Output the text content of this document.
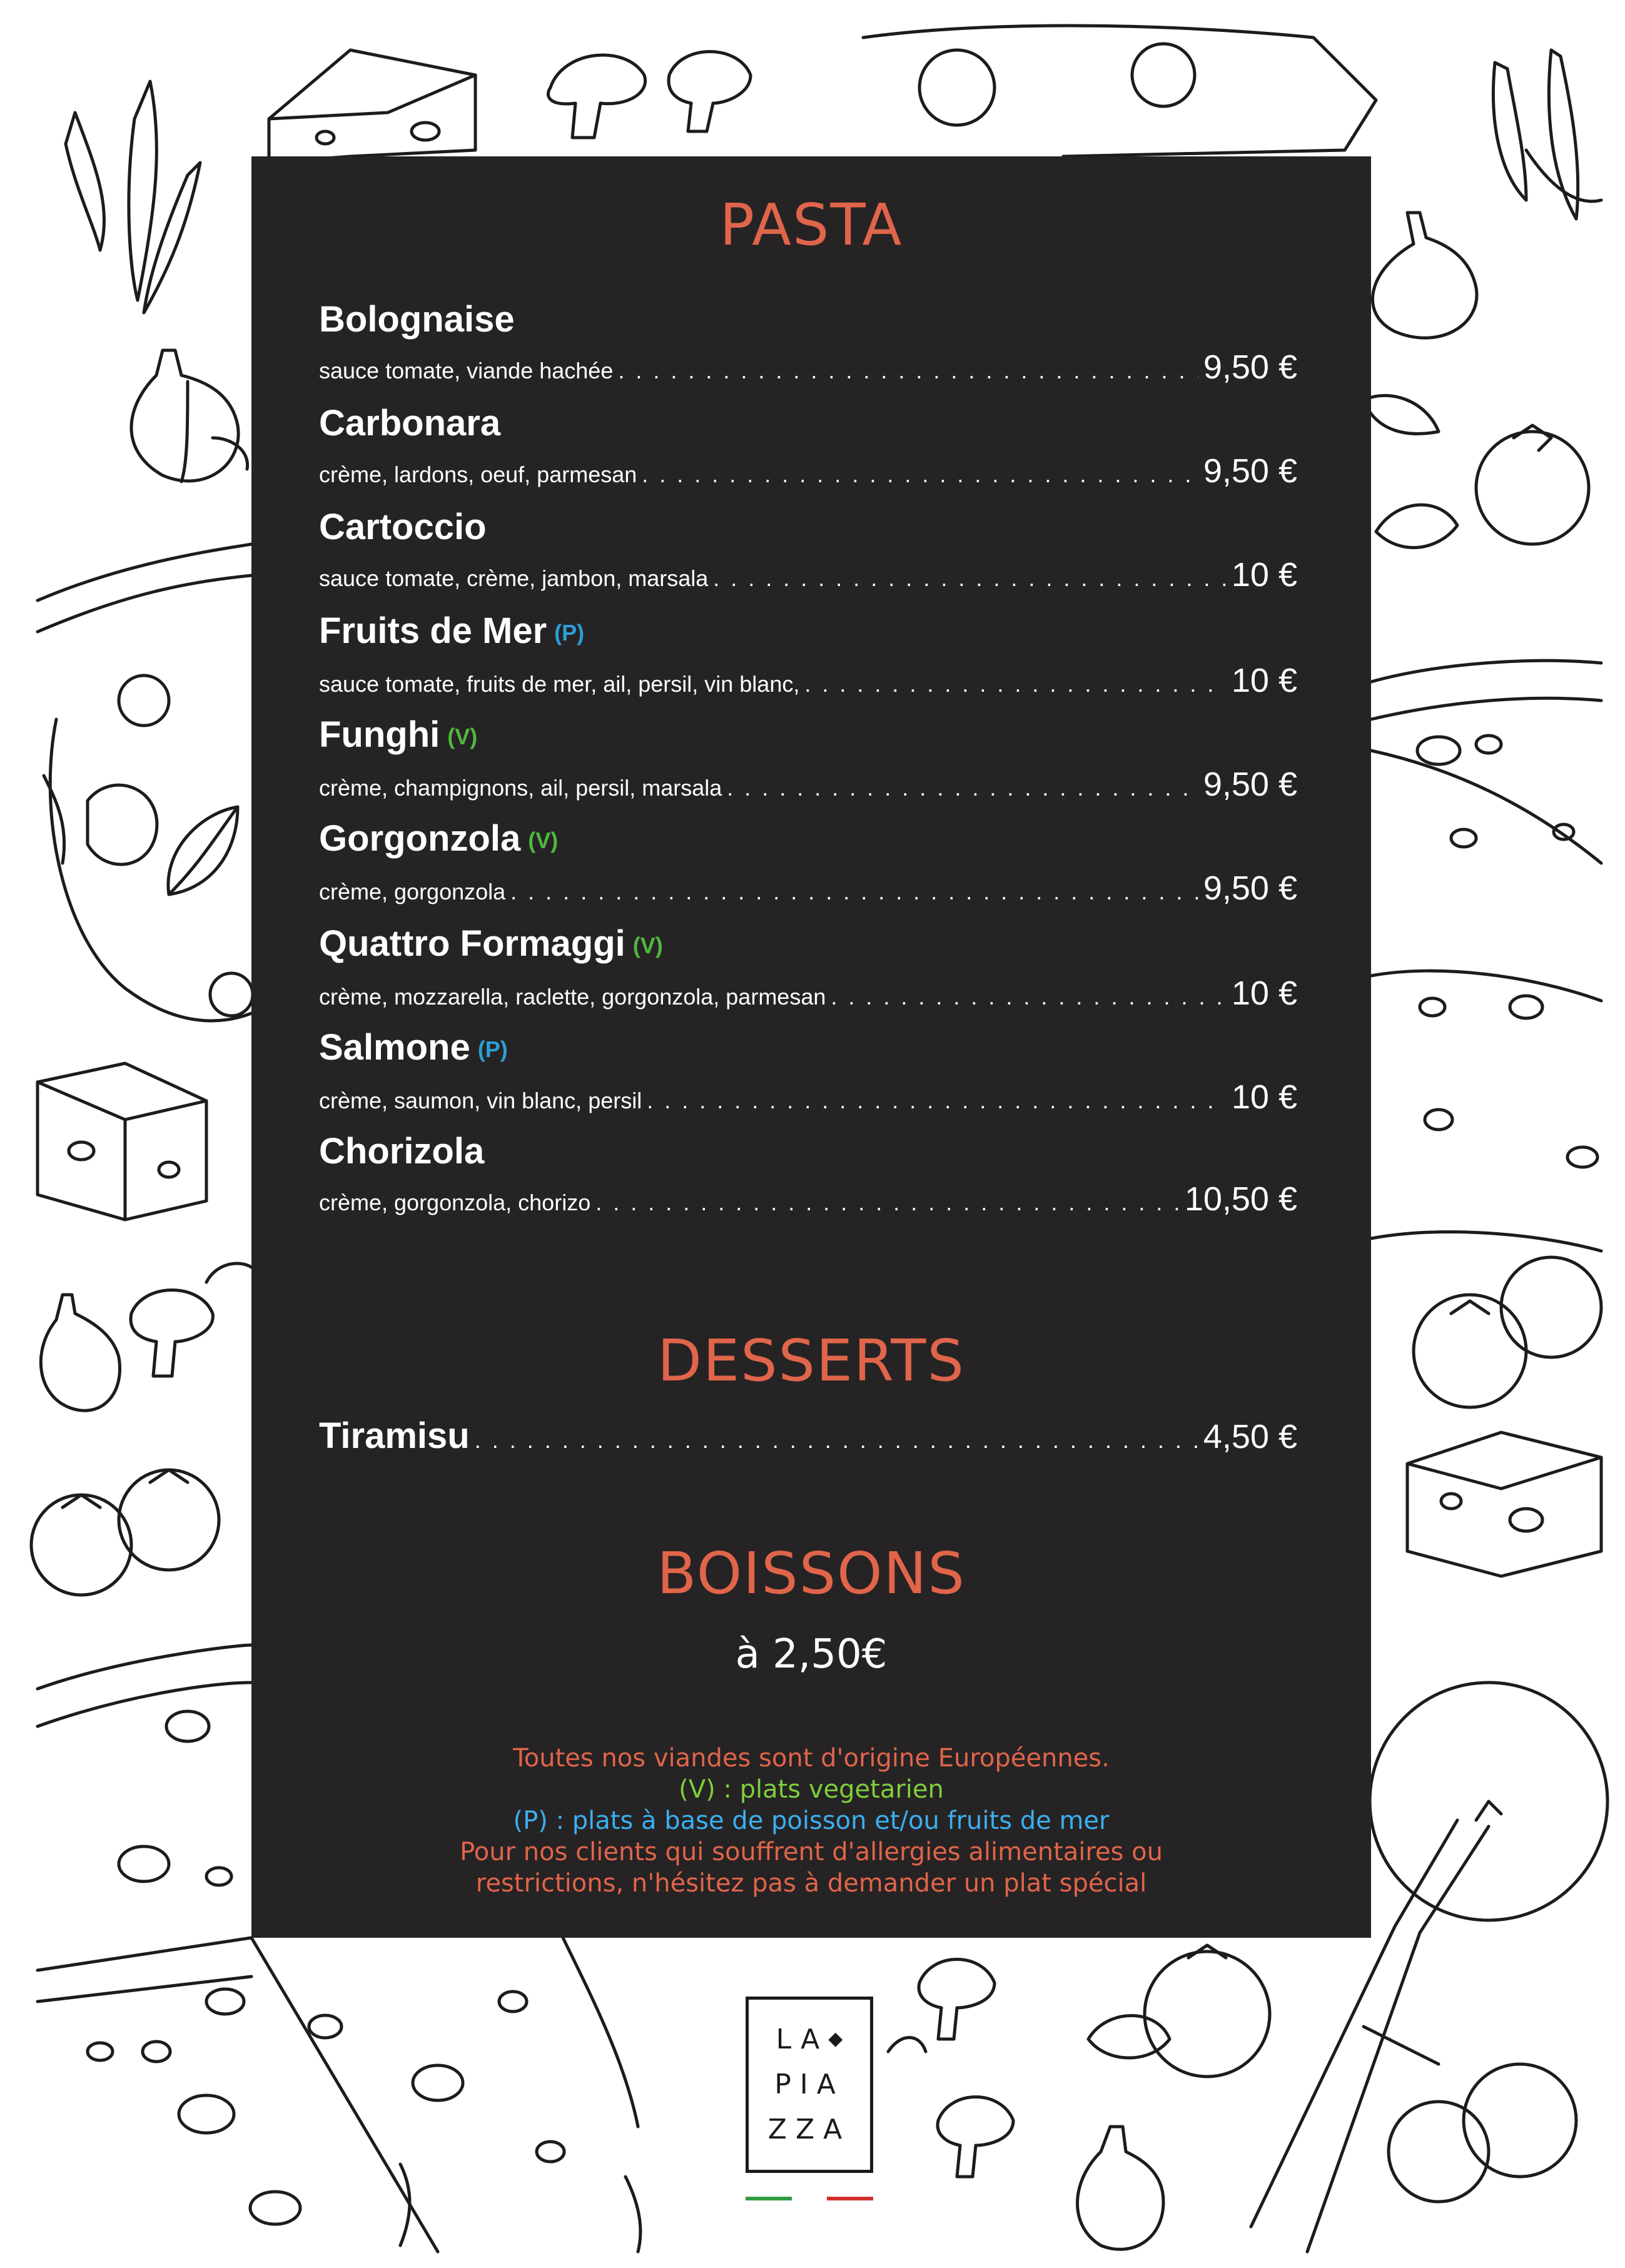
PASTA
Bolognaise
sauce tomate, viande hachée . . .	9,50 €
Carbonara
crème, lardons, oeuf, parmesan . . .	9,50 €
Cartoccio
sauce tomate, crème, jambon, marsala . . .	10 €
Fruits de Mer (P)
sauce tomate, fruits de mer, ail, persil, vin blanc, . . .	10 €
Funghi (V)
crème, champignons, ail, persil, marsala . . .	9,50 €
Gorgonzola (V)
crème, gorgonzola . . .	9,50 €
Quattro Formaggi (V)
crème, mozzarella, raclette, gorgonzola, parmesan . . .	10 €
Salmone (P)
crème, saumon, vin blanc, persil . . .	10 €
Chorizola
crème, gorgonzola, chorizo . . .	10,50 €
DESSERTS
Tiramisu . . .	4,50 €
BOISSONS
à 2,50€
Toutes nos viandes sont d'origine Européennes.
(V) : plats vegetarien
(P) : plats à base de poisson et/ou fruits de mer
Pour nos clients qui souffrent d'allergies alimentaires ou
restrictions, n'hésitez pas à demander un plat spécial
LA◆
PIA
ZZA
